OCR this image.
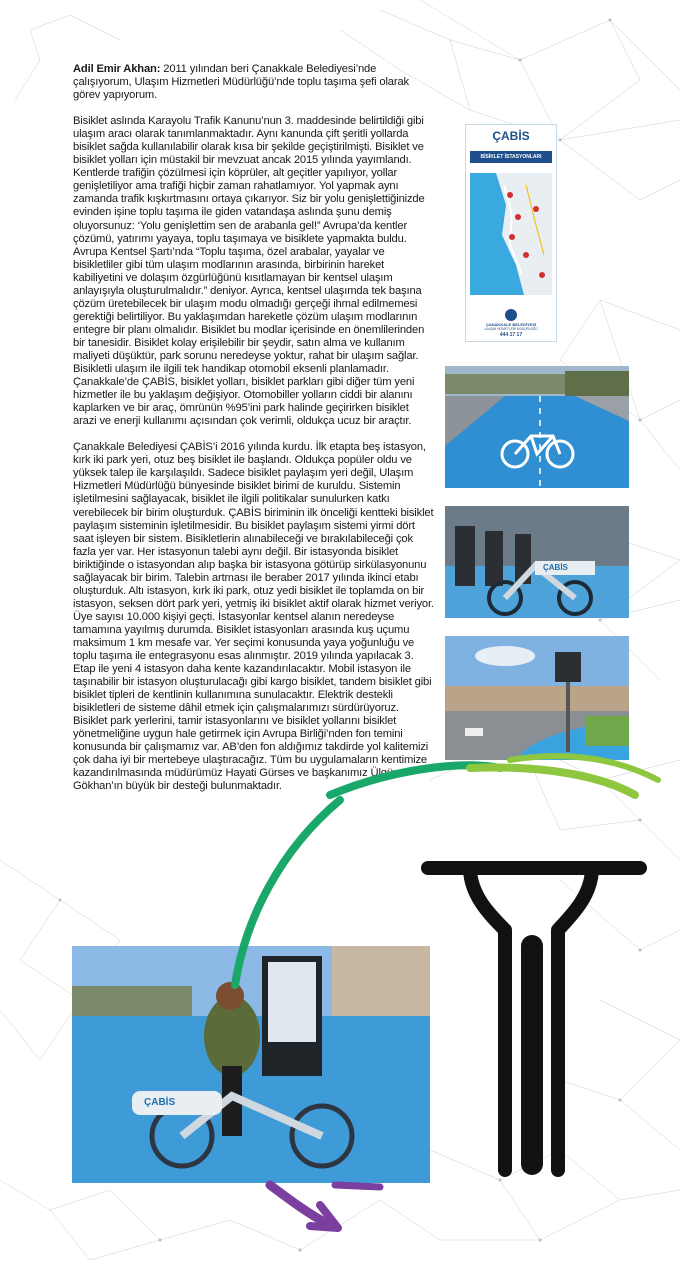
Adil Emir Akhan: 2011 yılından beri Çanakkale Belediyesi’nde çalışıyorum, Ulaşım Hizmetleri Müdürlüğü’nde toplu taşıma şefi olarak görev yapıyorum.

Bisiklet aslında Karayolu Trafik Kanunu’nun 3. maddesinde belirtildiği gibi ulaşım aracı olarak tanımlanmaktadır. Aynı kanunda çift şeritli yollarda bisiklet sağda kullanılabilir olarak kısa bir şekilde geçiştirilmişti. Bisiklet ve bisiklet yolları için müstakil bir mevzuat ancak 2015 yılında yayımlandı. Kentlerde trafiğin çözülmesi için köprüler, alt geçitler yapılıyor, yollar genişletiliyor ama trafiği hiçbir zaman rahatlamıyor. Yol yapmak aynı zamanda trafik kışkırtmasını ortaya çıkarıyor. Siz bir yolu genişlettiğinizde evinden işine toplu taşıma ile giden vatandaşa aslında şunu demiş oluyorsunuz: ‘Yolu genişlettim sen de arabanla gel!” Avrupa’da kentler çözümü, yatırımı yayaya, toplu taşımaya ve bisiklete yapmakta buldu. Avrupa Kentsel Şartı’nda “Toplu taşıma, özel arabalar, yayalar ve bisikletliler gibi tüm ulaşım modlarının arasında, birbirinin hareket kabiliyetini ve dolaşım özgürlüğünü kısıtlamayan bir kentsel ulaşım anlayışıyla oluşturulmalıdır.” deniyor. Ayrıca, kentsel ulaşımda tek başına çözüm üretebilecek bir ulaşım modu olmadığı gerçeği ihmal edilmemesi gerektiği belirtiliyor. Bu yaklaşımdan hareketle çözüm ulaşım modlarının entegre bir planı olmalıdır. Bisiklet bu modlar içerisinde en önemlilerinden bir tanesidir. Bisiklet kolay erişilebilir bir şeydir, satın alma ve kullanım maliyeti düşüktür, park sorunu neredeyse yoktur, rahat bir ulaşım sağlar. Bisikletli ulaşım ile ilgili tek handikap otomobil eksenli planlamadır. Çanakkale’de ÇABİS, bisiklet yolları, bisiklet parkları gibi diğer tüm yeni hizmetler ile bu yaklaşım değişiyor. Otomobiller yolların ciddi bir alanını kaplarken ve bir araç, ömrünün %95’ini park halinde geçirirken bisiklet arazi ve enerji kullanımı açısından çok verimli, oldukça ucuz bir araçtır.

Çanakkale Belediyesi ÇABİS’i 2016 yılında kurdu. İlk etapta beş istasyon, kırk iki park yeri, otuz beş bisiklet ile başlandı. Oldukça popüler oldu ve yüksek talep ile karşılaşıldı. Sadece bisiklet paylaşım yeri değil, Ulaşım Hizmetleri Müdürlüğü bünyesinde bisiklet birimi de kuruldu. Sistemin işletilmesini sağlayacak, bisiklet ile ilgili politikalar sunulurken katkı verebilecek bir birim oluşturduk. ÇABİS biriminin ilk önceliği kentteki bisiklet paylaşım sisteminin işletilmesidir. Bu bisiklet paylaşım sistemi yirmi dört saat işleyen bir sistem. Bisikletlerin alınabileceği ve bırakılabileceği çok fazla yer var. Her istasyonun talebi aynı değil. Bir istasyonda bisiklet biriktiğinde o istasyondan alıp başka bir istasyona götürüp sirkülasyonunu sağlayacak bir birim. Talebin artması ile beraber 2017 yılında ikinci etabı oluşturduk. Altı istasyon, kırk iki park, otuz yedi bisiklet ile toplamda on bir istasyon, seksen dört park yeri, yetmiş iki bisiklet aktif olarak hizmet veriyor. Üye sayısı 10.000 kişiyi geçti. İstasyonlar kentsel alanın neredeyse tamamına yayılmış durumda. Bisiklet istasyonları arasında kuş uçumu maksimum 1 km mesafe var. Yer seçimi konusunda yaya yoğunluğu ve toplu taşıma ile entegrasyonu esas alınmıştır. 2019 yılında yapılacak 3. Etap ile yeni 4 istasyon daha kente kazandırılacaktır. Mobil istasyon ile taşınabilir bir istasyon oluşturulacağı gibi kargo bisiklet, tandem bisiklet gibi bisiklet tipleri de kentlinin kullanımına sunulacaktır. Elektrik destekli bisikletleri de sisteme dâhil etmek için çalışmalarımızı sürdürüyoruz. Bisiklet park yerlerini, tamir istasyonlarını ve bisiklet yollarını bisiklet yönetmeliğine uygun hale getirmek için Avrupa Birliği’nden fon temini konusunda bir çalışmamız var. AB’den fon aldığımız takdirde yol kalitemizi çok daha iyi bir mertebeye ulaştıracağız. Tüm bu uygulamaların kentimize kazandırılmasında müdürümüz Hayati Gürses ve başkanımız Ülgür Gökhan’ın büyük bir desteği bulunmaktadır.

ÇABİS
BİSİKLET İSTASYONLARI
ÇANAKKALE BELEDİYESİ
ULAŞIM HİZMETLERİ MÜDÜRLÜĞÜ
444 17 17
ÇABİS
ÇABİS
